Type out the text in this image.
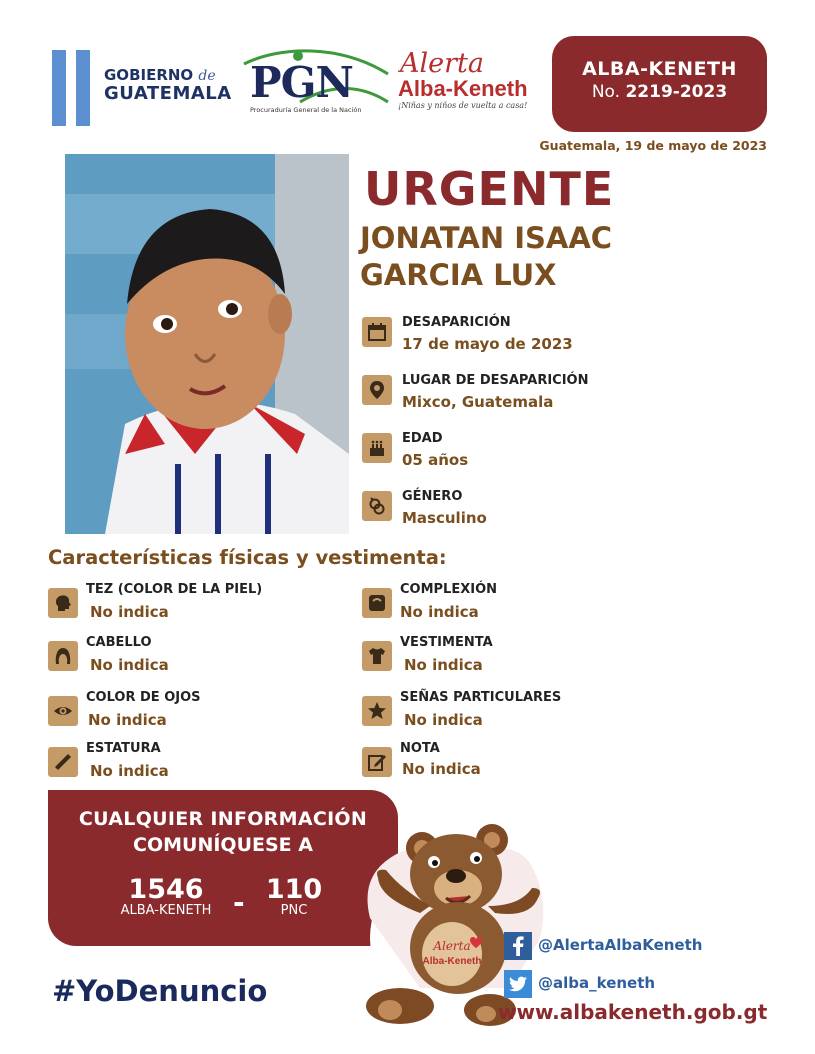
GOBIERNO de
GUATEMALA PGN
Procuraduría General de la Nación
Alerta
Alba-Keneth
¡Niñas y niños de vuelta a casa!
ALBA-KENETH
No. 2219-2023
Guatemala, 19 de mayo de 2023
URGENTE
JONATAN ISAAC
GARCIA LUX
DESAPARICIÓN
17 de mayo de 2023
LUGAR DE DESAPARICIÓN
Mixco, Guatemala
EDAD
05 años
GÉNERO
Masculino
Características físicas y vestimenta:
TEZ (COLOR DE LA PIEL)
No indica
CABELLO
No indica
COLOR DE OJOS
No indica
ESTATURA
No indica
COMPLEXIÓN
No indica
VESTIMENTA
No indica
SEÑAS PARTICULARES
No indica
NOTA
No indica
CUALQUIER INFORMACIÓN
COMUNÍQUESE A
1546
ALBA-KENETH - 110
PNC
Alerta
Alba-Keneth
#YoDenuncio
@AlertaAlbaKeneth
@alba_keneth
www.albakeneth.gob.gt
